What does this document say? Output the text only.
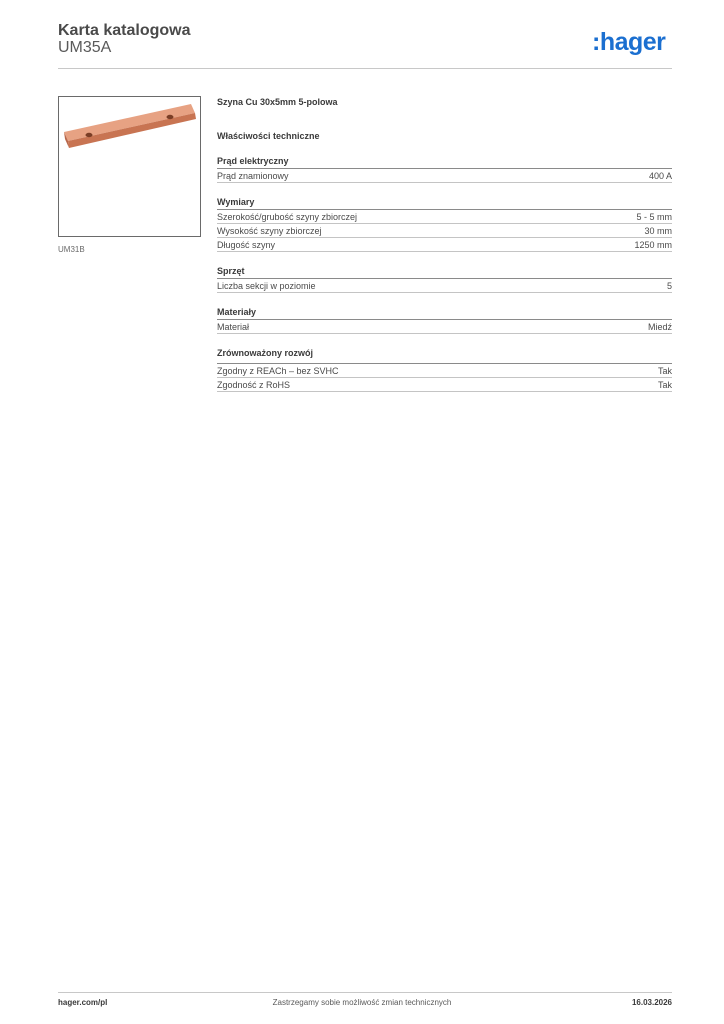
Karta katalogowa
UM35A	:hager
UM31B
Szyna Cu 30x5mm 5-polowa
Właściwości techniczne
Prąd elektryczny
Prąd znamionowy	400 A
Wymiary
Szerokość/grubość szyny zbiorczej	5 - 5 mm
Wysokość szyny zbiorczej	30 mm
Długość szyny	1250 mm
Sprzęt
Liczba sekcji w poziomie	5
Materiały
Materiał	Miedź
Zrównoważony rozwój
Zgodny z REACh – bez SVHC	Tak
Zgodność z RoHS	Tak
hager.com/pl	Zastrzegamy sobie możliwość zmian technicznych	16.03.2026
